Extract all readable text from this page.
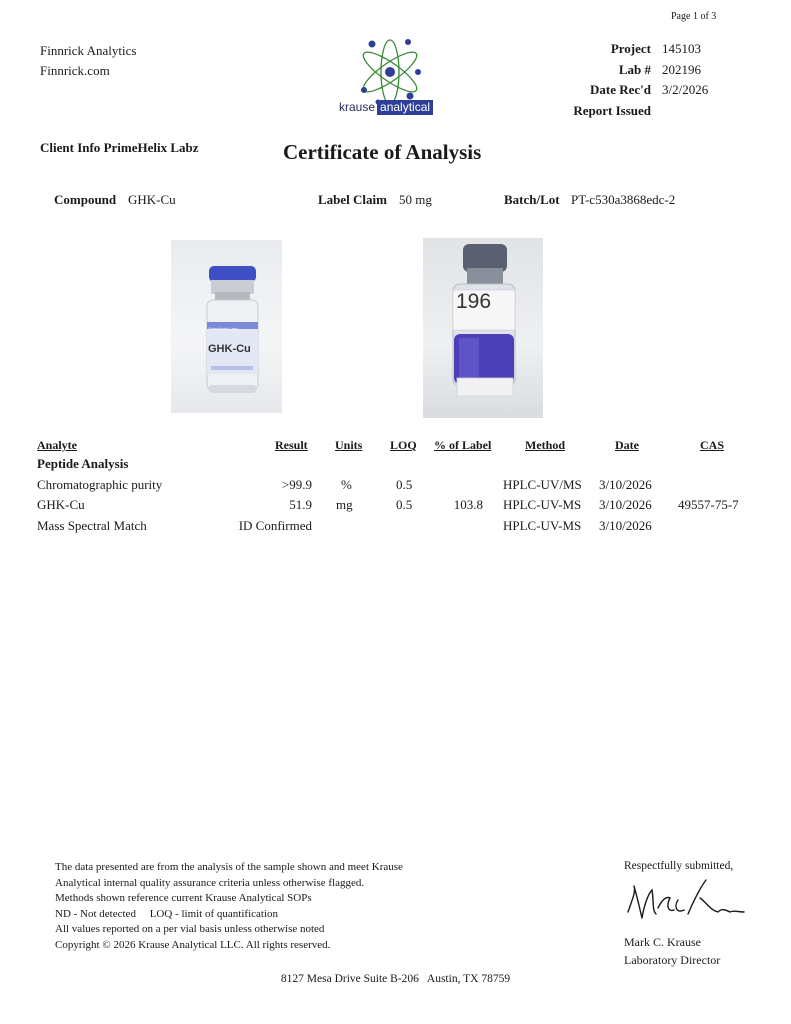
Page 1 of 3
Finnrick Analytics
Finnrick.com
krause analytical
Project 145103
Lab # 202196
Date Rec'd 3/2/2026
Report Issued
Client Info PrimeHelix Labz	Certificate of Analysis
Compound GHK-Cu	Label Claim 50 mg	Batch/Lot PT-c530a3868edc-2
PrimeHelix Labz
GHK-Cu
196
Analyte	Result Units LOQ % of Label	Method	Date	CAS
Peptide Analysis
Chromatographic purity	>99.9 %	0.5	HPLC-UV/MS 3/10/2026
GHK-Cu	51.9 mg	0.5	103.8 HPLC-UV-MS 3/10/2026 49557-75-7
Mass Spectral Match	ID Confirmed	HPLC-UV-MS 3/10/2026
The data presented are from the analysis of the sample shown and meet Krause
Analytical internal quality assurance criteria unless otherwise flagged.
Methods shown reference current Krause Analytical SOPs
ND - Not detected     LOQ - limit of quantification
All values reported on a per vial basis unless otherwise noted
Copyright © 2026 Krause Analytical LLC. All rights reserved.
Respectfully submitted,
Mark C. Krause
Laboratory Director
8127 Mesa Drive Suite B-206   Austin, TX 78759
